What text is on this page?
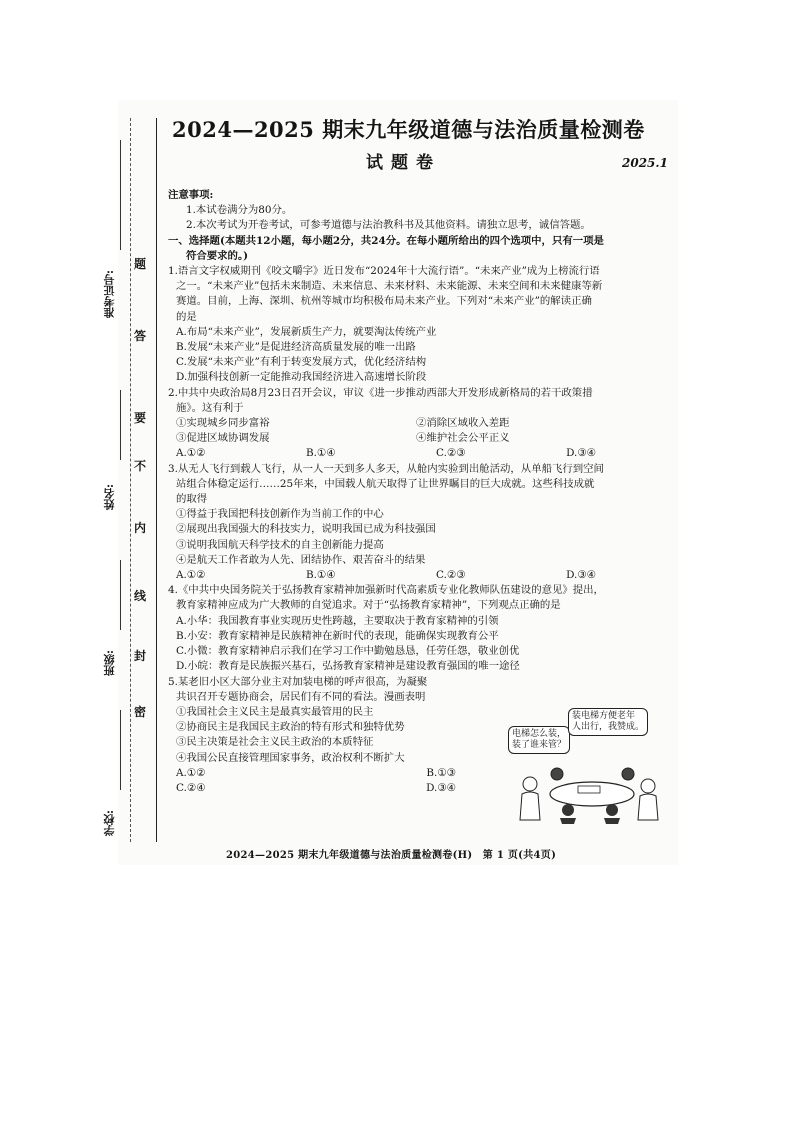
准考证号:
姓名:
班级:
学校:
题
答
要
不
内
线
封
密
2024—2025 期末九年级道德与法治质量检测卷
试题卷	2025.1

注意事项:

1.本试卷满分为80分。

2.本次考试为开卷考试，可参考道德与法治教科书及其他资料。请独立思考，诚信答题。

一、选择题(本题共12小题，每小题2分，共24分。在每小题所给出的四个选项中，只有一项是

符合要求的。)

1.语言文字权威期刊《咬文嚼字》近日发布“2024年十大流行语”。“未来产业”成为上榜流行语

之一。“未来产业”包括未来制造、未来信息、未来材料、未来能源、未来空间和未来健康等新

赛道。目前，上海、深圳、杭州等城市均积极布局未来产业。下列对“未来产业”的解读正确

的是

A.布局“未来产业”，发展新质生产力，就要淘汰传统产业

B.发展“未来产业”是促进经济高质量发展的唯一出路

C.发展“未来产业”有利于转变发展方式，优化经济结构

D.加强科技创新一定能推动我国经济进入高速增长阶段

2.中共中央政治局8月23日召开会议，审议《进一步推动西部大开发形成新格局的若干政策措

施》。这有利于

①实现城乡同步富裕	②消除区域收入差距
③促进区域协调发展	④维护社会公平正义
A.①②	B.①④	C.②③	D.③④

3.从无人飞行到载人飞行，从一人一天到多人多天，从舱内实验到出舱活动，从单船飞行到空间

站组合体稳定运行……25年来，中国载人航天取得了让世界瞩目的巨大成就。这些科技成就

的取得

①得益于我国把科技创新作为当前工作的中心

②展现出我国强大的科技实力，说明我国已成为科技强国

③说明我国航天科学技术的自主创新能力提高

④是航天工作者敢为人先、团结协作、艰苦奋斗的结果

A.①②	B.①④	C.②③	D.③④

4.《中共中央国务院关于弘扬教育家精神加强新时代高素质专业化教师队伍建设的意见》提出，

教育家精神应成为广大教师的自觉追求。对于“弘扬教育家精神”，下列观点正确的是

A.小华：我国教育事业实现历史性跨越，主要取决于教育家精神的引领

B.小安：教育家精神是民族精神在新时代的表现，能确保实现教育公平

C.小微：教育家精神启示我们在学习工作中勤勉恳恳，任劳任怨，敬业创优

D.小皖：教育是民族振兴基石，弘扬教育家精神是建设教育强国的唯一途径

5.某老旧小区大部分业主对加装电梯的呼声很高，为凝聚

共识召开专题协商会，居民们有不同的看法。漫画表明

①我国社会主义民主是最真实最管用的民主

②协商民主是我国民主政治的特有形式和独特优势

③民主决策是社会主义民主政治的本质特征

④我国公民直接管理国家事务，政治权利不断扩大

A.①②	B.①③
C.②④	D.③④
电梯怎么装，
装了谁来管？
装电梯方便老年
人出行，我赞成。
2024—2025 期末九年级道德与法治质量检测卷(H)　第 1 页(共4页)
